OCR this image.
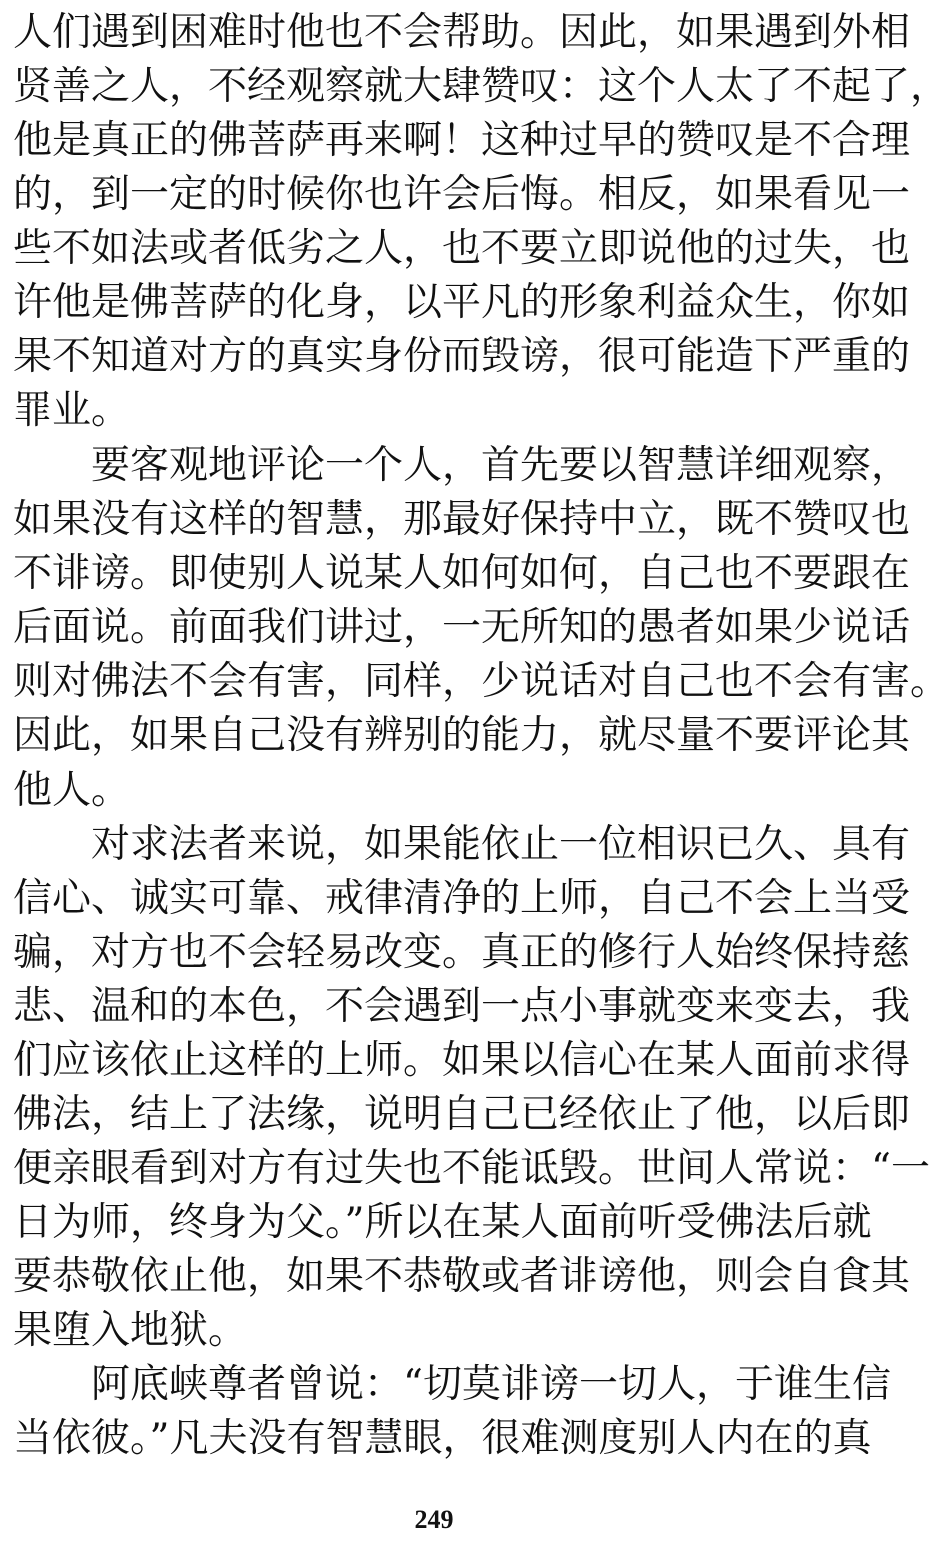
人们遇到困难时他也不会帮助。因此，如果遇到外相
贤善之人，不经观察就大肆赞叹：这个人太了不起了，
他是真正的佛菩萨再来啊！这种过早的赞叹是不合理
的，到一定的时候你也许会后悔。相反，如果看见一
些不如法或者低劣之人，也不要立即说他的过失，也
许他是佛菩萨的化身，以平凡的形象利益众生，你如
果不知道对方的真实身份而毁谤，很可能造下严重的
罪业。
要客观地评论一个人，首先要以智慧详细观察，
如果没有这样的智慧，那最好保持中立，既不赞叹也
不诽谤。即使别人说某人如何如何，自己也不要跟在
后面说。前面我们讲过，一无所知的愚者如果少说话
则对佛法不会有害，同样，少说话对自己也不会有害。
因此，如果自己没有辨别的能力，就尽量不要评论其
他人。
对求法者来说，如果能依止一位相识已久、具有
信心、诚实可靠、戒律清净的上师，自己不会上当受
骗，对方也不会轻易改变。真正的修行人始终保持慈
悲、温和的本色，不会遇到一点小事就变来变去，我
们应该依止这样的上师。如果以信心在某人面前求得
佛法，结上了法缘，说明自己已经依止了他，以后即
便亲眼看到对方有过失也不能诋毁。世间人常说：“一
日为师，终身为父。”所以在某人面前听受佛法后就
要恭敬依止他，如果不恭敬或者诽谤他，则会自食其
果堕入地狱。
阿底峡尊者曾说：“切莫诽谤一切人，于谁生信
当依彼。”凡夫没有智慧眼，很难测度别人内在的真
249
